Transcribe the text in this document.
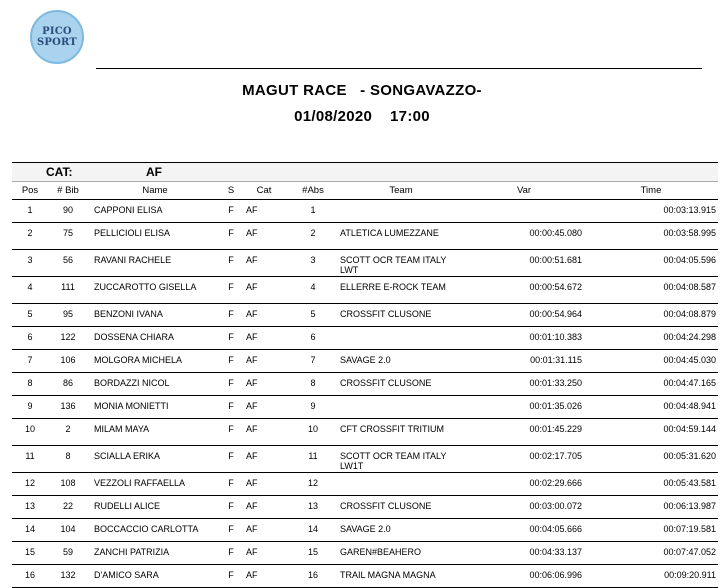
PICO
SPORT
MAGUT RACE   - SONGAVAZZO-
01/08/2020    17:00
CAT:	AF
Pos	# Bib	Name	S	Cat	#Abs	Team	Var	Time
1	90	CAPPONI ELISA	F	AF	1			00:03:13.915
2	75	PELLICIOLI ELISA	F	AF	2	ATLETICA LUMEZZANE	00:00:45.080	00:03:58.995
3	56	RAVANI RACHELE	F	AF	3	SCOTT OCR TEAM ITALY LWT	00:00:51.681	00:04:05.596
4	111	ZUCCAROTTO GISELLA	F	AF	4	ELLERRE E-ROCK TEAM	00:00:54.672	00:04:08.587
5	95	BENZONI IVANA	F	AF	5	CROSSFIT CLUSONE	00:00:54.964	00:04:08.879
6	122	DOSSENA CHIARA	F	AF	6		00:01:10.383	00:04:24.298
7	106	MOLGORA MICHELA	F	AF	7	SAVAGE 2.0	00:01:31.115	00:04:45.030
8	86	BORDAZZI NICOL	F	AF	8	CROSSFIT CLUSONE	00:01:33.250	00:04:47.165
9	136	MONIA MONIETTI	F	AF	9		00:01:35.026	00:04:48.941
10	2	MILAM MAYA	F	AF	10	CFT CROSSFIT TRITIUM	00:01:45.229	00:04:59.144
11	8	SCIALLA ERIKA	F	AF	11	SCOTT OCR TEAM ITALY LW1T	00:02:17.705	00:05:31.620
12	108	VEZZOLI RAFFAELLA	F	AF	12		00:02:29.666	00:05:43.581
13	22	RUDELLI ALICE	F	AF	13	CROSSFIT CLUSONE	00:03:00.072	00:06:13.987
14	104	BOCCACCIO CARLOTTA	F	AF	14	SAVAGE 2.0	00:04:05.666	00:07:19.581
15	59	ZANCHI PATRIZIA	F	AF	15	GAREN#BEAHERO	00:04:33.137	00:07:47.052
16	132	D'AMICO SARA	F	AF	16	TRAIL MAGNA MAGNA	00:06:06.996	00:09:20.911
